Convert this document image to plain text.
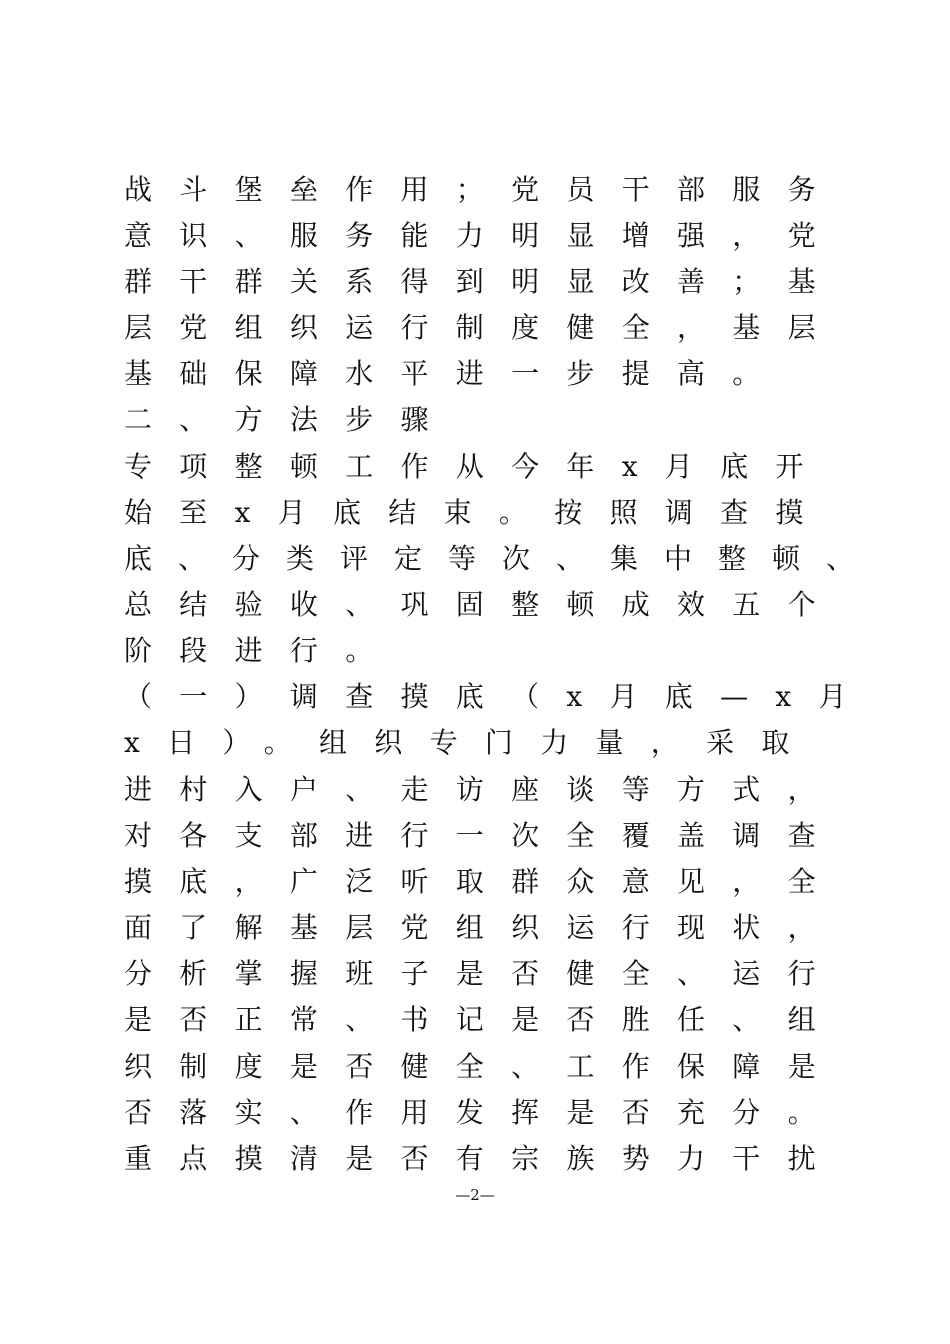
战斗堡垒作用；党员干部服务
意识、服务能力明显增强，党
群干群关系得到明显改善；基
层党组织运行制度健全，基层
基础保障水平进一步提高。
二、方法步骤
专项整顿工作从今年x月底开
始至x月底结束。按照调查摸
底、分类评定等次、集中整顿、
总结验收、巩固整顿成效五个
阶段进行。
（一）调查摸底（x月底—x月
x日）。组织专门力量，采取
进村入户、走访座谈等方式，
对各支部进行一次全覆盖调查
摸底，广泛听取群众意见，全
面了解基层党组织运行现状，
分析掌握班子是否健全、运行
是否正常、书记是否胜任、组
织制度是否健全、工作保障是
否落实、作用发挥是否充分。
重点摸清是否有宗族势力干扰
—2—
